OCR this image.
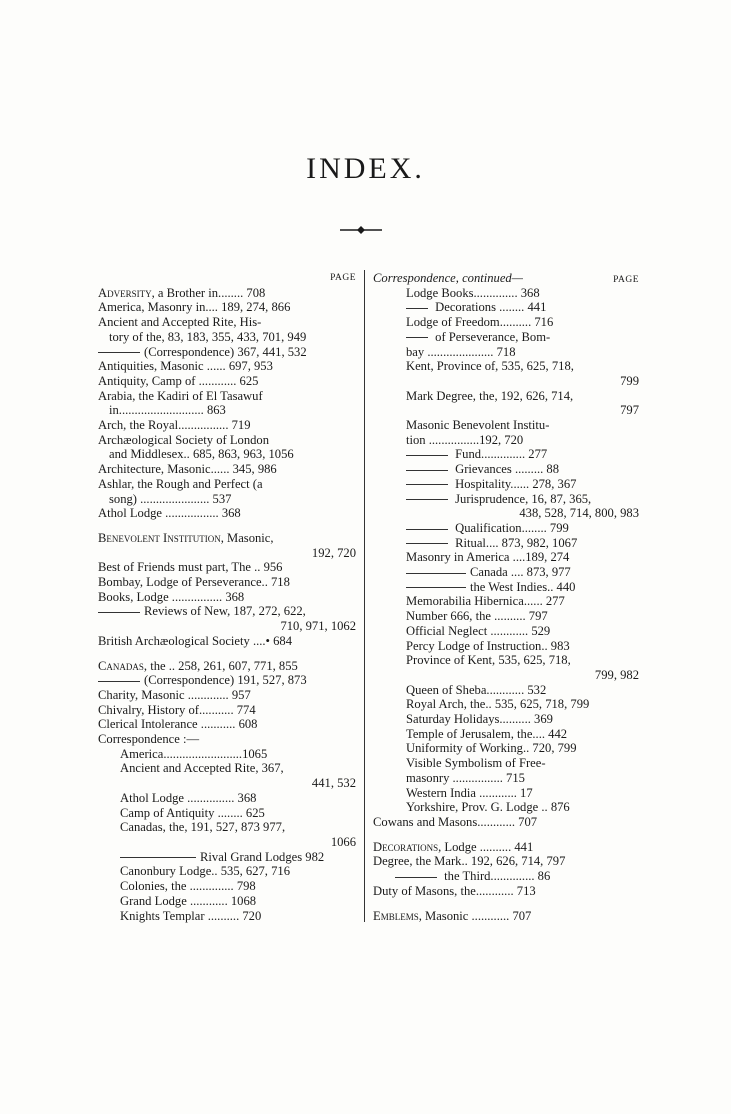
INDEX.
PAGE
Adversity, a Brother in........ 708
America, Masonry in.... 189, 274, 866
Ancient and Accepted Rite, His-
tory of the, 83, 183, 355, 433, 701, 949
(Correspondence) 367, 441, 532
Antiquities, Masonic ...... 697, 953
Antiquity, Camp of ............ 625
Arabia, the Kadiri of El Tasawuf
in........................... 863
Arch, the Royal................ 719
Archæological Society of London
and Middlesex.. 685, 863, 963, 1056
Architecture, Masonic...... 345, 986
Ashlar, the Rough and Perfect (a
song) ...................... 537
Athol Lodge ................. 368
Benevolent Institution, Masonic,
192, 720
Best of Friends must part, The .. 956
Bombay, Lodge of Perseverance.. 718
Books, Lodge ................ 368
Reviews of New, 187, 272, 622,
710, 971, 1062
British Archæological Society ....• 684
Canadas, the .. 258, 261, 607, 771, 855
(Correspondence) 191, 527, 873
Charity, Masonic ............. 957
Chivalry, History of........... 774
Clerical Intolerance ........... 608
Correspondence :—
America.........................1065
Ancient and Accepted Rite, 367,
441, 532
Athol Lodge ............... 368
Camp of Antiquity ........ 625
Canadas, the, 191, 527, 873 977,
1066
Rival Grand Lodges 982
Canonbury Lodge.. 535, 627, 716
Colonies, the .............. 798
Grand Lodge ............ 1068
Knights Templar .......... 720
Correspondence, continued—	PAGE
Lodge Books.............. 368
Decorations ........ 441
Lodge of Freedom.......... 716
of Perseverance, Bom-
bay ..................... 718
Kent, Province of, 535, 625, 718,
799
Mark Degree, the, 192, 626, 714,
797
Masonic Benevolent Institu-
tion ................192, 720
Fund.............. 277
Grievances ......... 88
Hospitality...... 278, 367
Jurisprudence, 16, 87, 365,
438, 528, 714, 800, 983
Qualification........ 799
Ritual.... 873, 982, 1067
Masonry in America ....189, 274
Canada .... 873, 977
the West Indies.. 440
Memorabilia Hibernica...... 277
Number 666, the .......... 797
Official Neglect ............ 529
Percy Lodge of Instruction.. 983
Province of Kent, 535, 625, 718,
799, 982
Queen of Sheba............ 532
Royal Arch, the.. 535, 625, 718, 799
Saturday Holidays.......... 369
Temple of Jerusalem, the.... 442
Uniformity of Working.. 720, 799
Visible Symbolism of Free-
masonry ................ 715
Western India ............ 17
Yorkshire, Prov. G. Lodge .. 876
Cowans and Masons............ 707
Decorations, Lodge .......... 441
Degree, the Mark.. 192, 626, 714, 797
the Third.............. 86
Duty of Masons, the............ 713
Emblems, Masonic ............ 707
